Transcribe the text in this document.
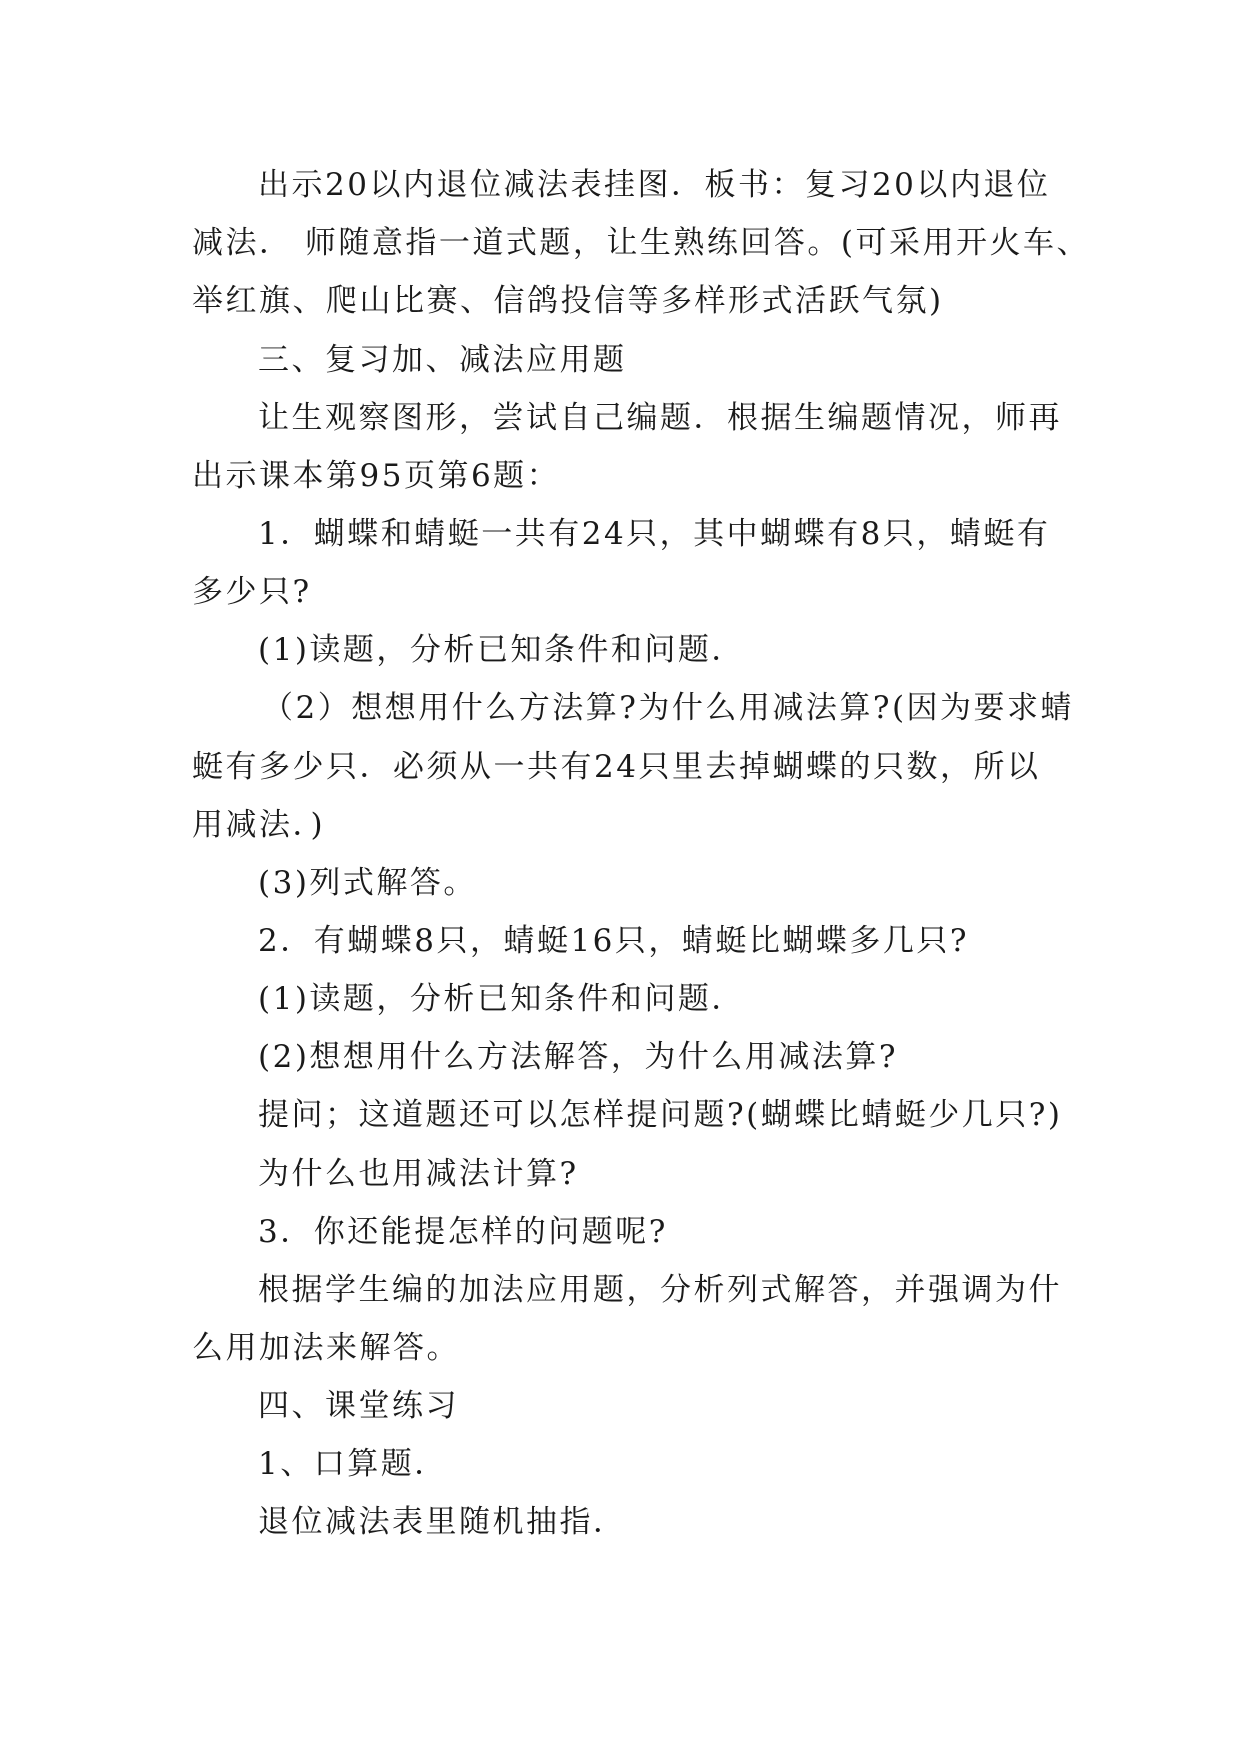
出示20以内退位减法表挂图．板书：复习20以内退位
减法． 师随意指一道式题，让生熟练回答。(可采用开火车、
举红旗、爬山比赛、信鸽投信等多样形式活跃气氛)
三、复习加、减法应用题
让生观察图形，尝试自己编题．根据生编题情况，师再
出示课本第95页第6题：
1．蝴蝶和蜻蜓一共有24只，其中蝴蝶有8只，蜻蜓有
多少只?
(1)读题，分析已知条件和问题．
（2）想想用什么方法算?为什么用减法算?(因为要求蜻
蜓有多少只．必须从一共有24只里去掉蝴蝶的只数，所以
用减法．)
(3)列式解答。
2．有蝴蝶8只，蜻蜓16只，蜻蜓比蝴蝶多几只?
(1)读题，分析已知条件和问题．
(2)想想用什么方法解答，为什么用减法算?
提问；这道题还可以怎样提问题?(蝴蝶比蜻蜓少几只?)
为什么也用减法计算?
3．你还能提怎样的问题呢?
根据学生编的加法应用题，分析列式解答，并强调为什
么用加法来解答。
四、课堂练习
1、口算题．
退位减法表里随机抽指．
